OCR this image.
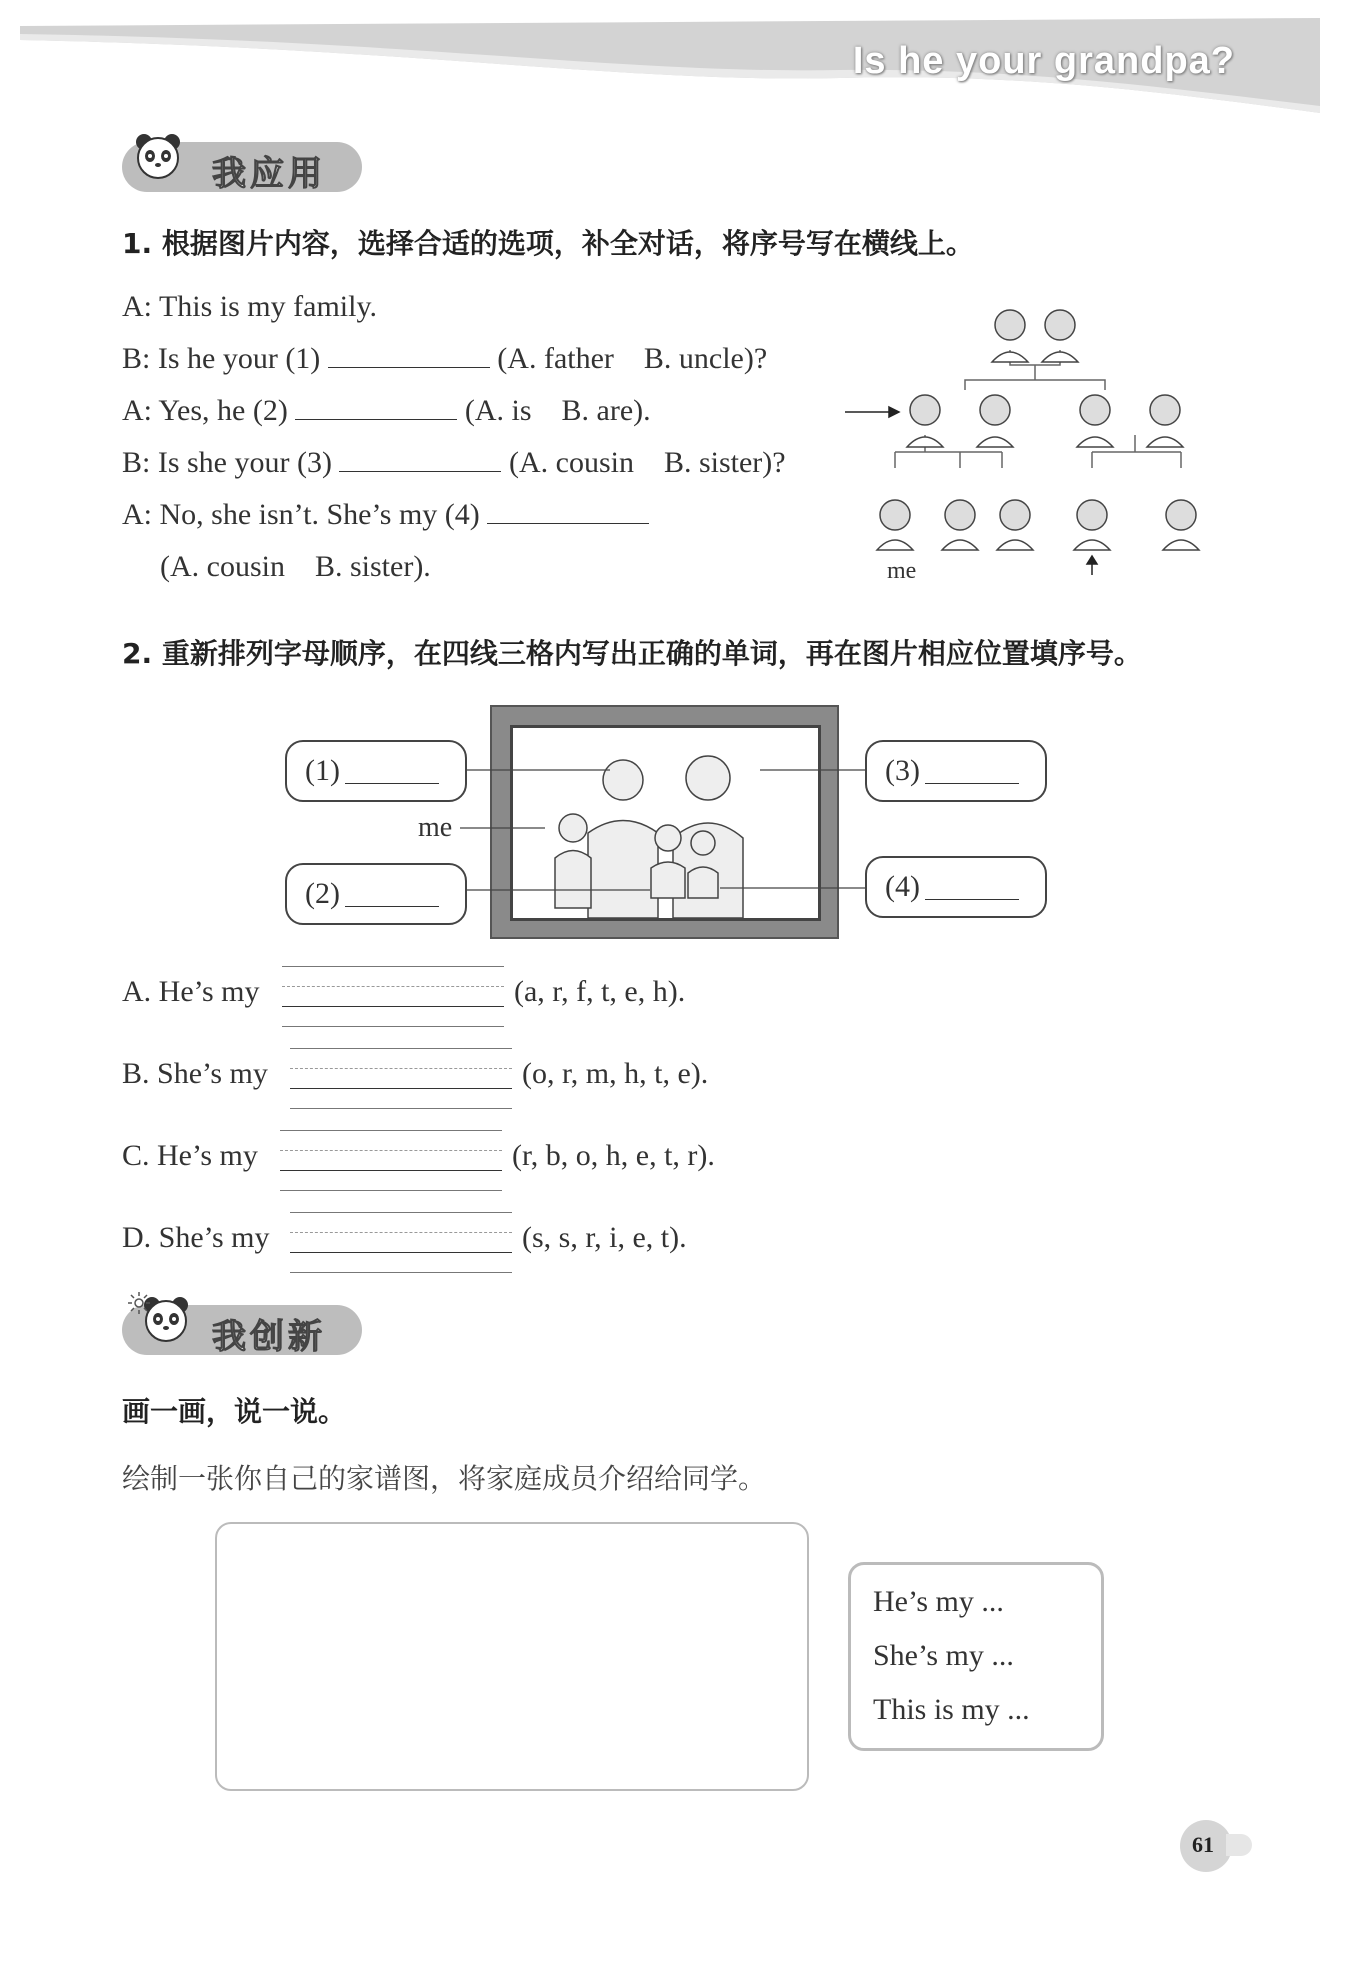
Is he your grandpa?
我应用
1. 根据图片内容，选择合适的选项，补全对话，将序号写在横线上。
A: This is my family.
B: Is he your (1)	(A. father    B. uncle)?
A: Yes, he (2)	(A. is    B. are).
B: Is she your (3)	(A. cousin    B. sister)?
A: No, she isn’t. She’s my (4)
(A. cousin    B. sister).	me
2. 重新排列字母顺序，在四线三格内写出正确的单词，再在图片相应位置填序号。
(1)
(2)
(3)
(4)
me
A. He’s my	(a, r, f, t, e, h).
B. She’s my	(o, r, m, h, t, e).
C. He’s my	(r, b, o, h, e, t, r).
D. She’s my	(s, s, r, i, e, t).
我创新
画一画，说一说。
绘制一张你自己的家谱图，将家庭成员介绍给同学。
He’s my ...
She’s my ...
This is my ...
61
